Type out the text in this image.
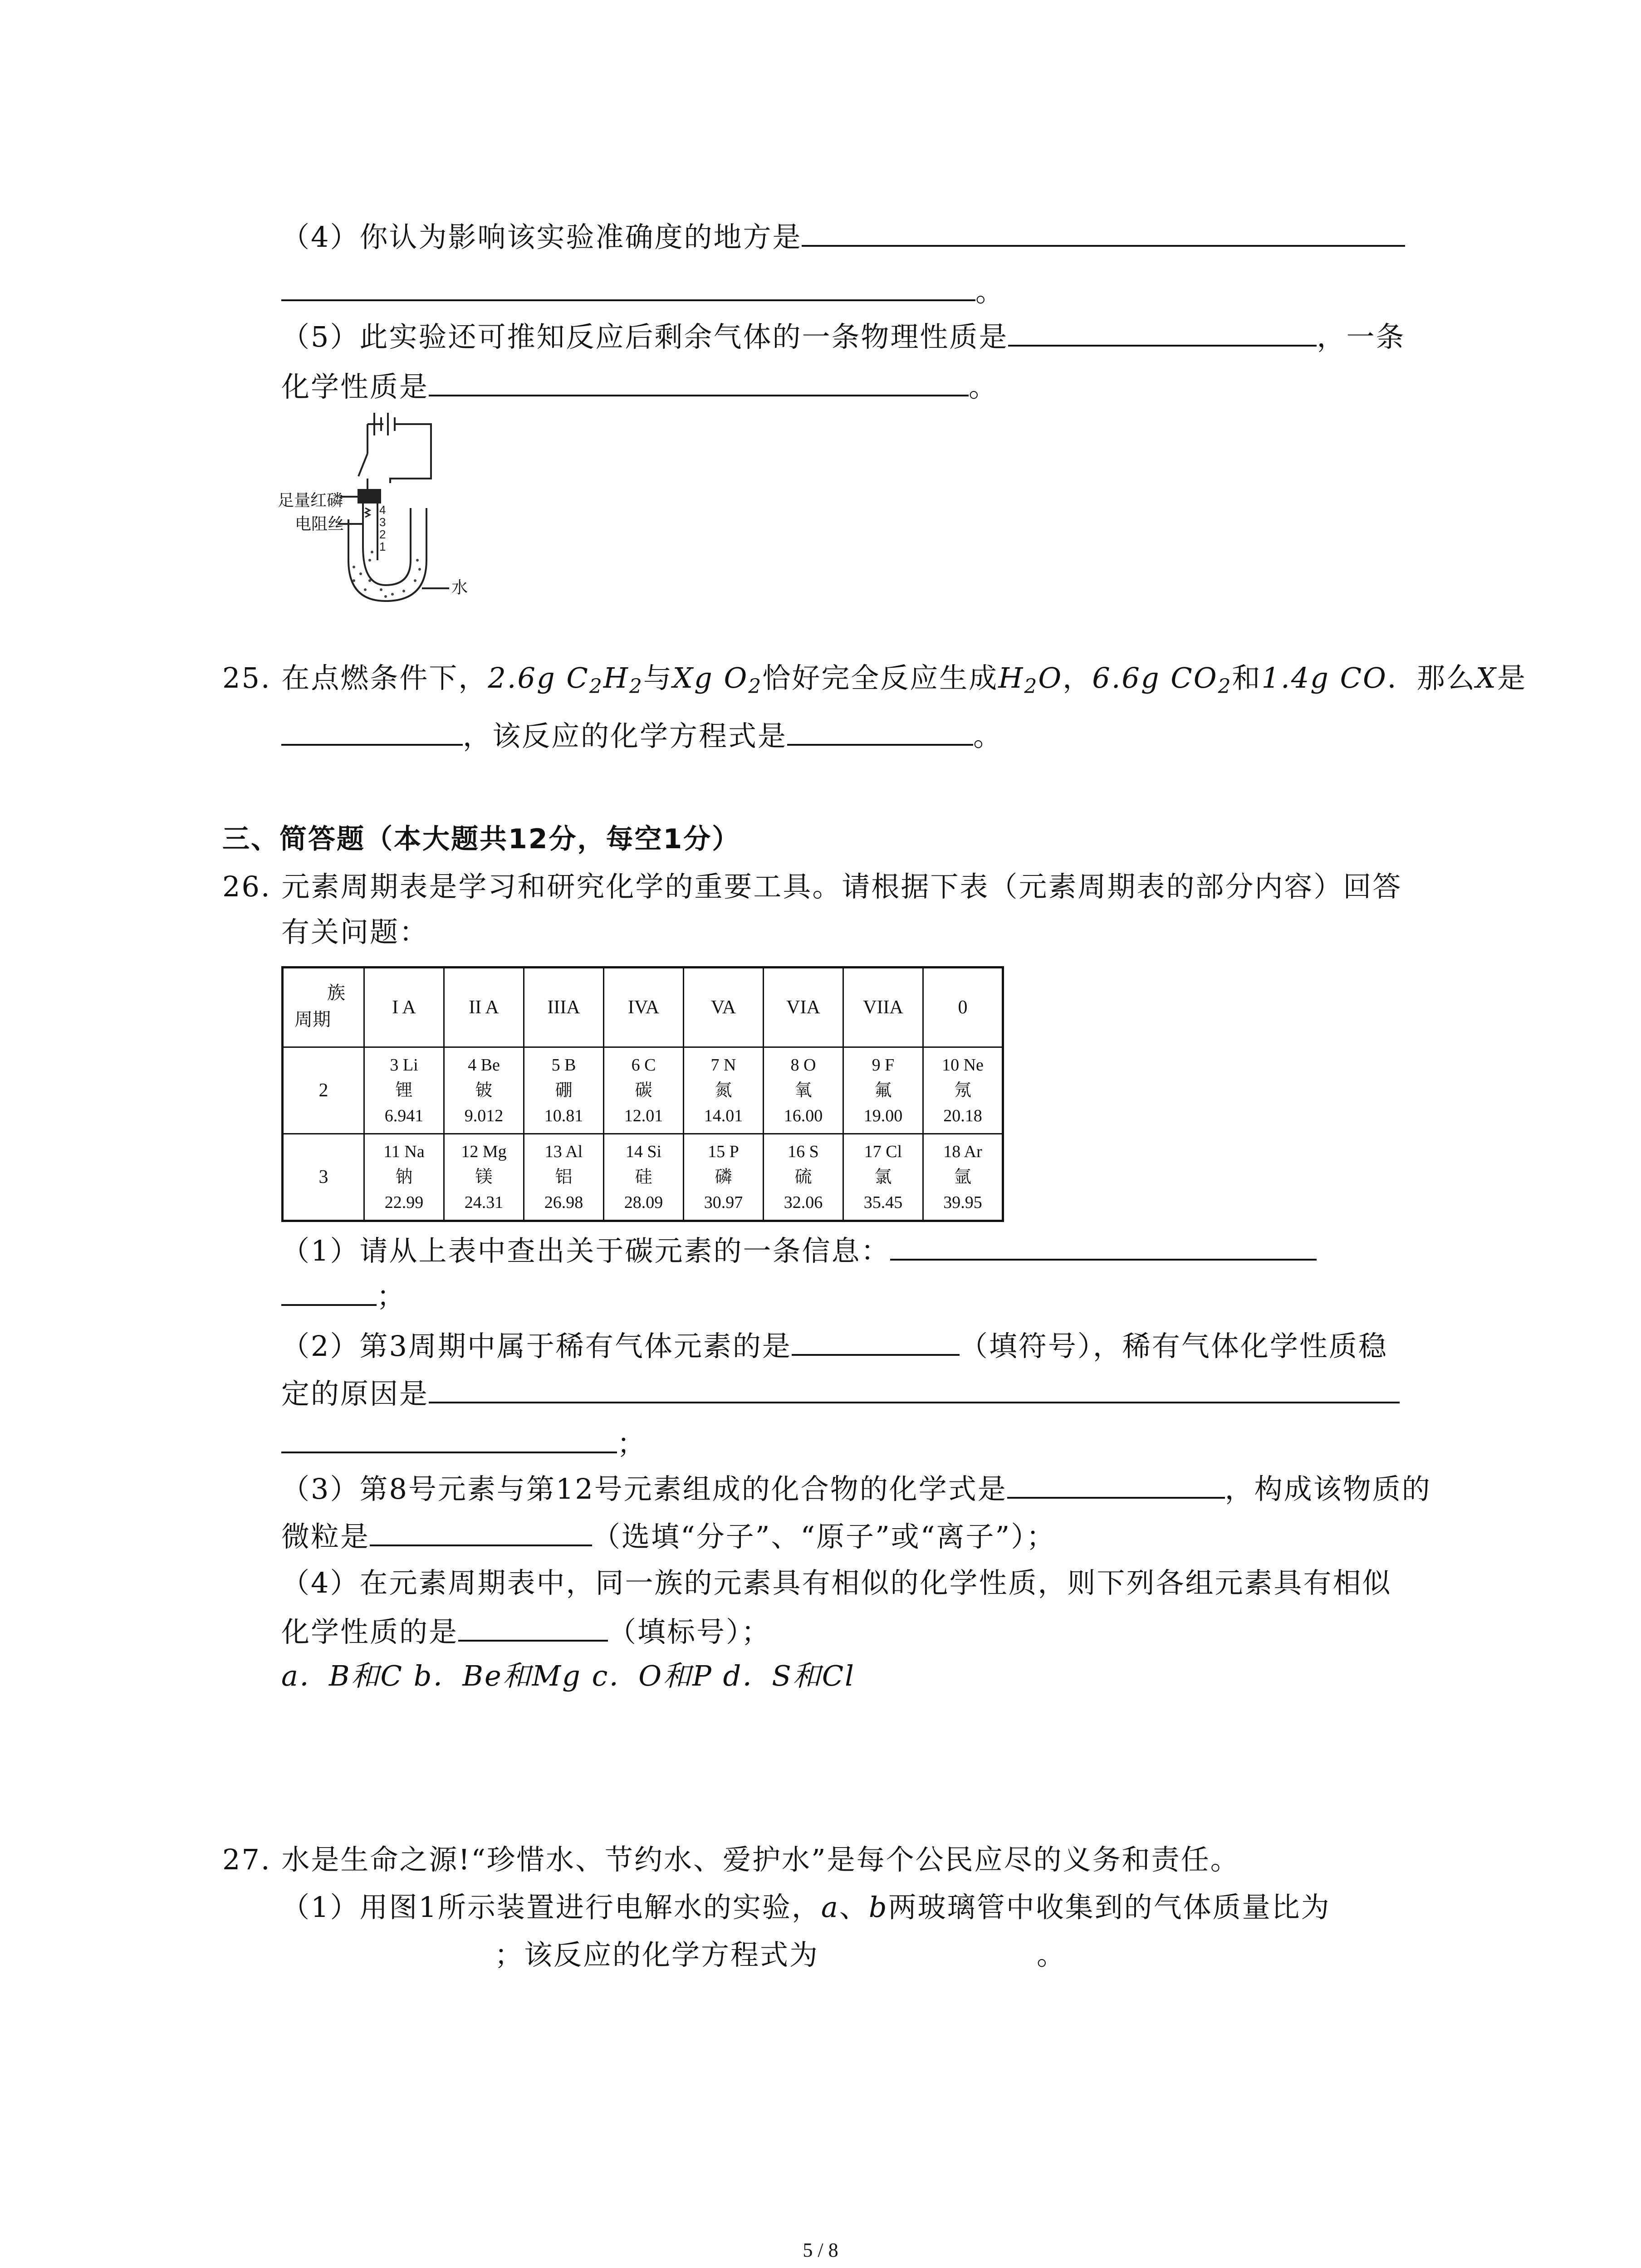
（4）你认为影响该实验准确度的地方是
。
（5）此实验还可推知反应后剩余气体的一条物理性质是	，一条
化学性质是	。
4
3
2
1
足量红磷
电阻丝
水
25. 在点燃条件下，2.6g $C_2H_2$与Xg $O_2$恰好完全反应生成$H_2O$，6.6g $CO_2$和1.4g CO．那么X是
，该反应的化学方程式是	。
三、简答题（本大题共12分，每空1分）
26. 元素周期表是学习和研究化学的重要工具。请根据下表（元素周期表的部分内容）回答
有关问题：
族
周期	I A	II A	IIIA	IVA	VA	VIA	VIIA	0
2	3 Li
锂
6.941	4 Be
铍
9.012	5 B
硼
10.81	6 C
碳
12.01	7 N
氮
14.01	8 O
氧
16.00	9 F
氟
19.00	10 Ne
氖
20.18

3	11 Na
钠
22.99	12 Mg
镁
24.31	13 Al
铝
26.98	14 Si
硅
28.09	15 P
磷
30.97	16 S
硫
32.06	17 Cl
氯
35.45	18 Ar
氩
39.95
（1）请从上表中查出关于碳元素的一条信息：
；
（2）第3周期中属于稀有气体元素的是	（填符号），稀有气体化学性质稳
定的原因是
；
（3）第8号元素与第12号元素组成的化合物的化学式是	，构成该物质的
微粒是	（选填“分子”、“原子”或“离子”）；
（4）在元素周期表中，同一族的元素具有相似的化学性质，则下列各组元素具有相似
化学性质的是	（填标号）；
a．B和C b．Be和Mg c．O和P d．S和Cl
27. 水是生命之源!“珍惜水、节约水、爱护水”是每个公民应尽的义务和责任。
（1）用图1所示装置进行电解水的实验，a、b两玻璃管中收集到的气体质量比为
；该反应的化学方程式为	。
5 / 8
